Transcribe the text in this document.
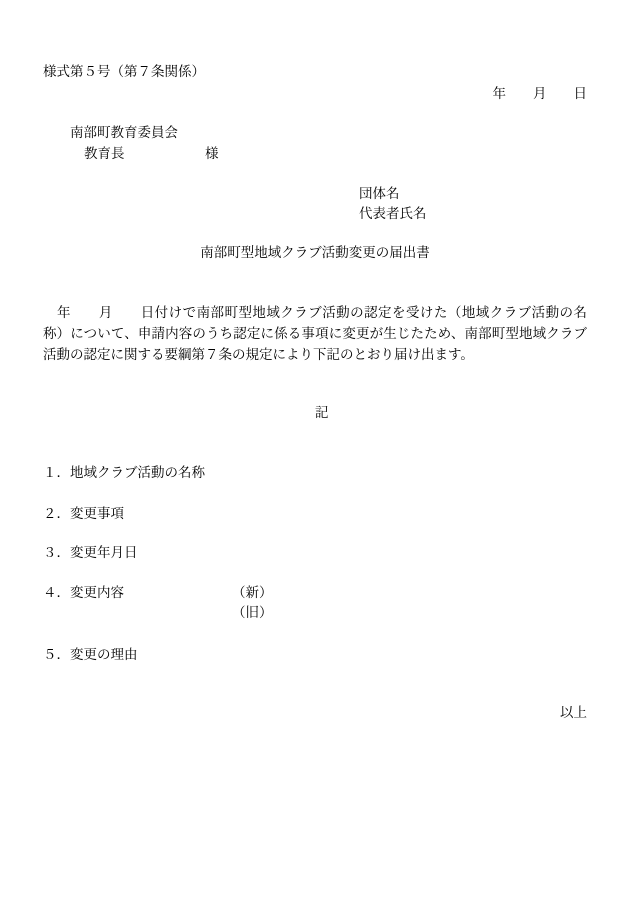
様式第５号（第７条関係）
年　　月　　日
南部町教育委員会
教育長	様
団体名
代表者氏名
南部町型地域クラブ活動変更の届出書
　年　　月　　日付けで南部町型地域クラブ活動の認定を受けた（地域クラブ活動の名
称）について、申請内容のうち認定に係る事項に変更が生じたため、南部町型地域クラブ
活動の認定に関する要綱第７条の規定により下記のとおり届け出ます。
記
１．地域クラブ活動の名称
２．変更事項
３．変更年月日
４．変更内容	（新）
（旧）
５．変更の理由
以上
